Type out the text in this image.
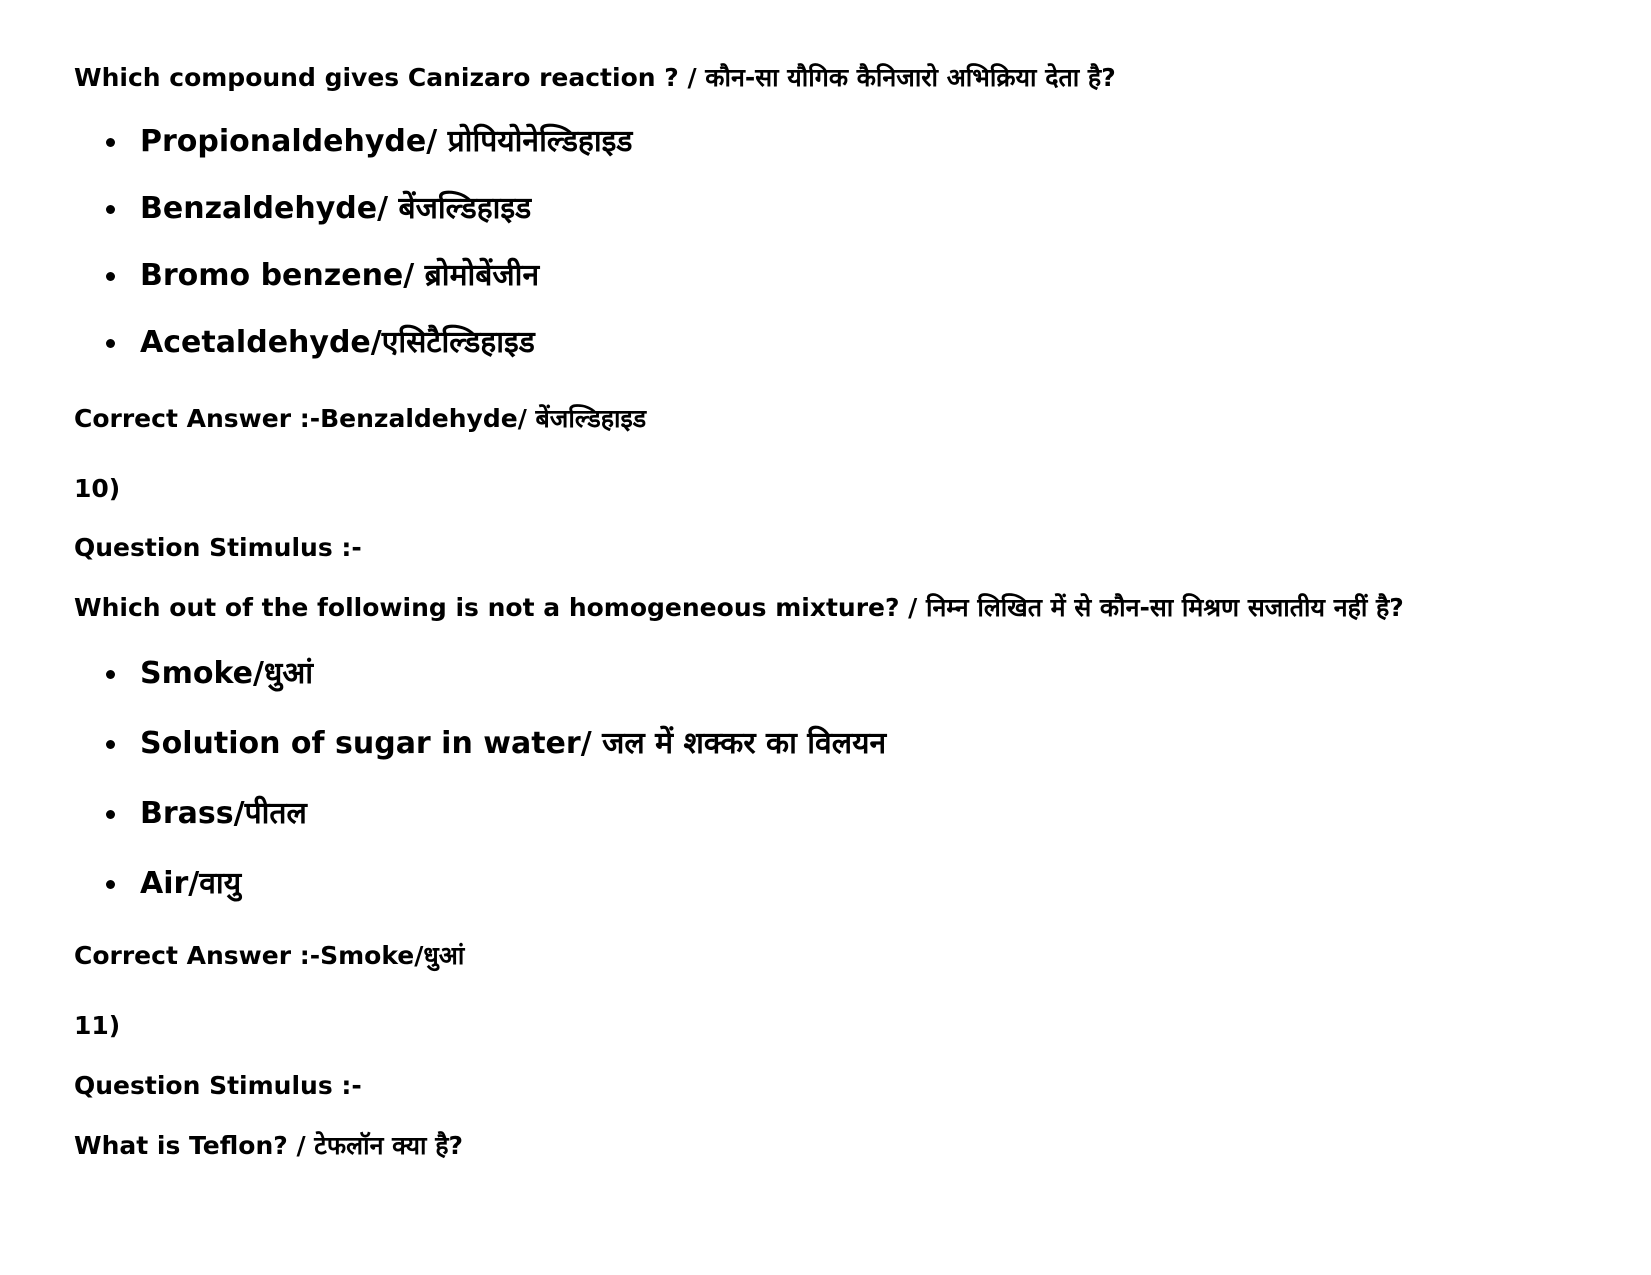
Which compound gives Canizaro reaction ? / कौन-सा यौगिक कैनिजारो अभिक्रिया देता है?
Propionaldehyde/ प्रोपियोनेल्डिहाइड
Benzaldehyde/ बेंजल्डिहाइड
Bromo benzene/ ब्रोमोबेंजीन
Acetaldehyde/एसिटैल्डिहाइड
Correct Answer :-Benzaldehyde/ बेंजल्डिहाइड
10)
Question Stimulus :-
Which out of the following is not a homogeneous mixture? / निम्न लिखित में से कौन-सा मिश्रण सजातीय नहीं है?
Smoke/धुआं
Solution of sugar in water/ जल में शक्कर का विलयन
Brass/पीतल
Air/वायु
Correct Answer :-Smoke/धुआं
11)
Question Stimulus :-
What is Teflon? / टेफलॉन क्या है?
